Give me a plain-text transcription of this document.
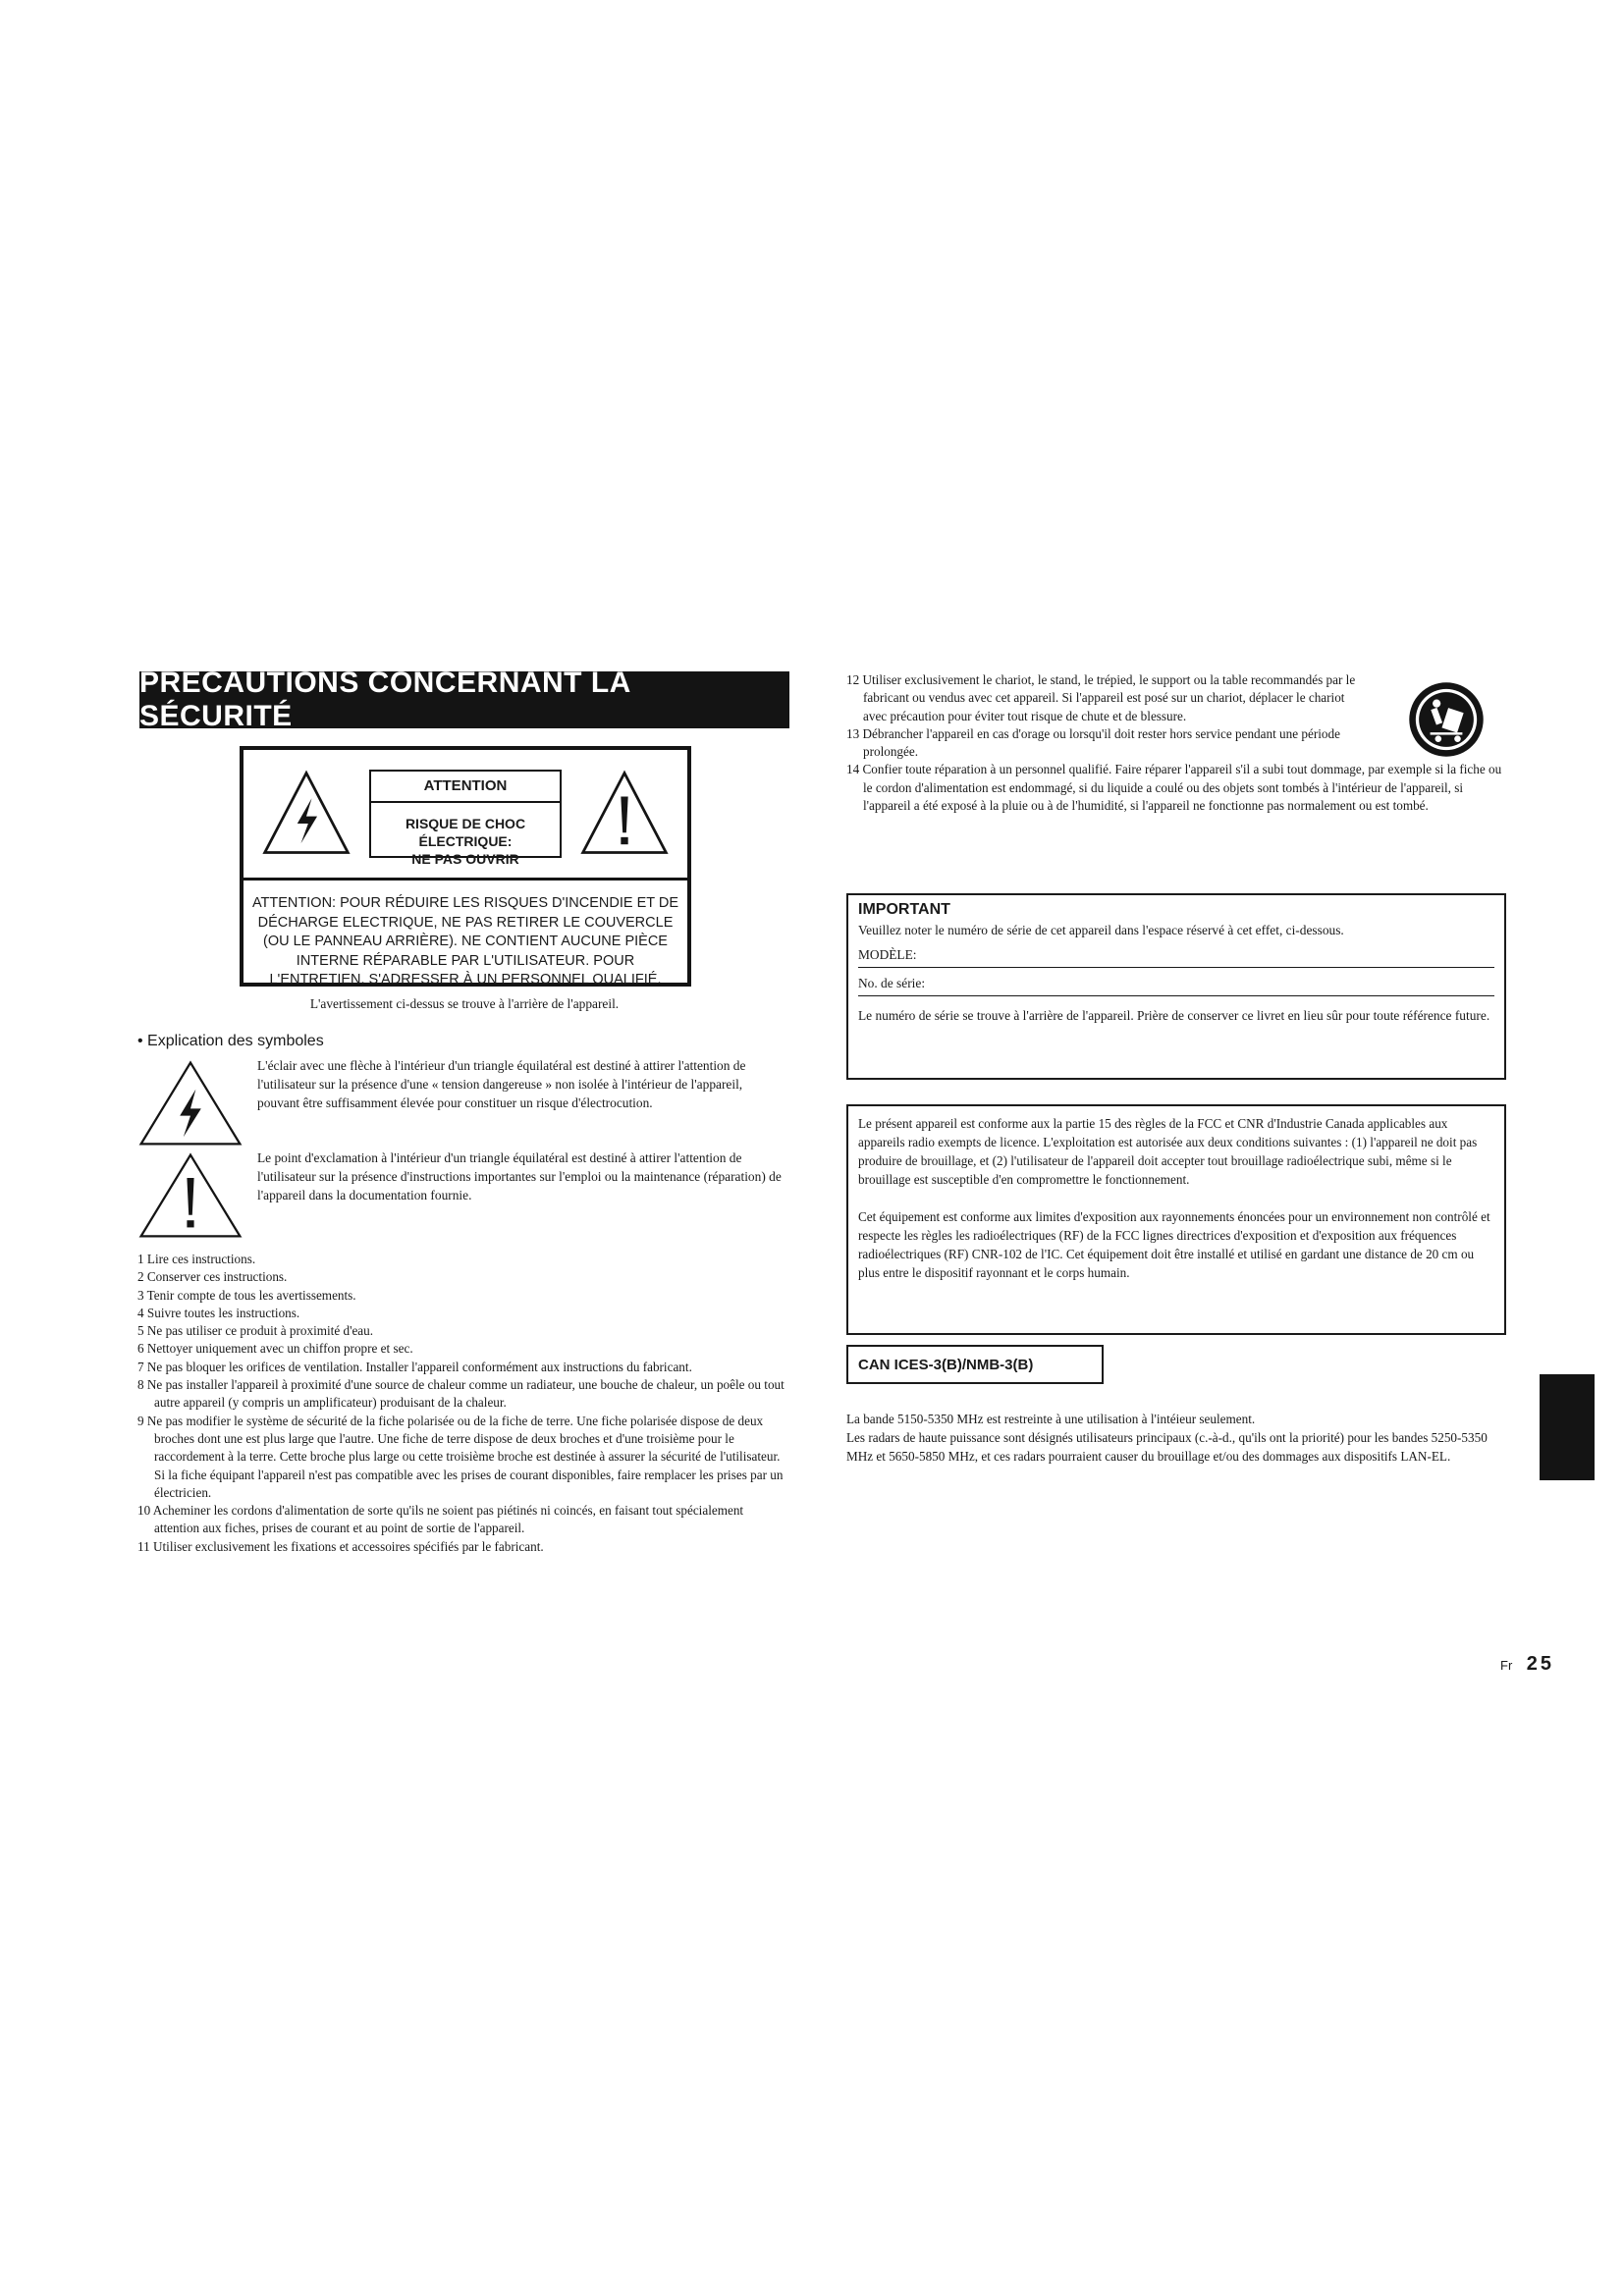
PRÉCAUTIONS CONCERNANT LA SÉCURITÉ
ATTENTION
RISQUE DE CHOC ÉLECTRIQUE:
NE PAS OUVRIR
ATTENTION: POUR RÉDUIRE LES RISQUES D'INCENDIE ET DE
DÉCHARGE ELECTRIQUE, NE PAS RETIRER LE COUVERCLE
(OU LE PANNEAU ARRIÈRE). NE CONTIENT AUCUNE PIÈCE
INTERNE RÉPARABLE PAR L'UTILISATEUR. POUR
L'ENTRETIEN, S'ADRESSER À UN PERSONNEL QUALIFIÉ.
L'avertissement ci-dessus se trouve à l'arrière de l'appareil.
• Explication des symboles
L'éclair avec une flèche à l'intérieur d'un triangle équilatéral est destiné à attirer l'attention de l'utilisateur sur la présence d'une « tension dangereuse » non isolée à l'intérieur de l'appareil, pouvant être suffisamment élevée pour constituer un risque d'électrocution.
Le point d'exclamation à l'intérieur d'un triangle équilatéral est destiné à attirer l'attention de l'utilisateur sur la présence d'instructions importantes sur l'emploi ou la maintenance (réparation) de l'appareil dans la documentation fournie.
1 Lire ces instructions.
2 Conserver ces instructions.
3 Tenir compte de tous les avertissements.
4 Suivre toutes les instructions.
5 Ne pas utiliser ce produit à proximité d'eau.
6 Nettoyer uniquement avec un chiffon propre et sec.
7 Ne pas bloquer les orifices de ventilation. Installer l'appareil conformément aux instructions du fabricant.
8 Ne pas installer l'appareil à proximité d'une source de chaleur comme un radiateur, une bouche de chaleur, un poêle ou tout autre appareil (y compris un amplificateur) produisant de la chaleur.
9 Ne pas modifier le système de sécurité de la fiche polarisée ou de la fiche de terre. Une fiche polarisée dispose de deux broches dont une est plus large que l'autre. Une fiche de terre dispose de deux broches et d'une troisième pour le raccordement à la terre. Cette broche plus large ou cette troisième broche est destinée à assurer la sécurité de l'utilisateur. Si la fiche équipant l'appareil n'est pas compatible avec les prises de courant disponibles, faire remplacer les prises par un électricien.
10 Acheminer les cordons d'alimentation de sorte qu'ils ne soient pas piétinés ni coincés, en faisant tout spécialement attention aux fiches, prises de courant et au point de sortie de l'appareil.
11 Utiliser exclusivement les fixations et accessoires spécifiés par le fabricant.
12 Utiliser exclusivement le chariot, le stand, le trépied, le support ou la table recommandés par le fabricant ou vendus avec cet appareil. Si l'appareil est posé sur un chariot, déplacer le chariot avec précaution pour éviter tout risque de chute et de blessure.
13 Débrancher l'appareil en cas d'orage ou lorsqu'il doit rester hors service pendant une période prolongée.
14 Confier toute réparation à un personnel qualifié. Faire réparer l'appareil s'il a subi tout dommage, par exemple si la fiche ou le cordon d'alimentation est endommagé, si du liquide a coulé ou des objets sont tombés à l'intérieur de l'appareil, si l'appareil a été exposé à la pluie ou à de l'humidité, si l'appareil ne fonctionne pas normalement ou est tombé.
IMPORTANT
Veuillez noter le numéro de série de cet appareil dans l'espace réservé à cet effet, ci-dessous.
MODÈLE:
No. de série:
Le numéro de série se trouve à l'arrière de l'appareil. Prière de conserver ce livret en lieu sûr pour toute référence future.
Le présent appareil est conforme aux la partie 15 des règles de la FCC et CNR d'Industrie Canada applicables aux appareils radio exempts de licence. L'exploitation est autorisée aux deux conditions suivantes : (1) l'appareil ne doit pas produire de brouillage, et (2) l'utilisateur de l'appareil doit accepter tout brouillage radioélectrique subi, même si le brouillage est susceptible d'en compromettre le fonctionnement.
Cet équipement est conforme aux limites d'exposition aux rayonnements énoncées pour un environnement non contrôlé et respecte les règles les radioélectriques (RF) de la FCC lignes directrices d'exposition et d'exposition aux fréquences radioélectriques (RF) CNR-102 de l'IC. Cet équipement doit être installé et utilisé en gardant une distance de 20 cm ou plus entre le dispositif rayonnant et le corps humain.
CAN ICES-3(B)/NMB-3(B)
La bande 5150-5350 MHz est restreinte à une utilisation à l'intéieur seulement.
Les radars de haute puissance sont désignés utilisateurs principaux (c.-à-d., qu'ils ont la priorité) pour les bandes 5250-5350 MHz et 5650-5850 MHz, et ces radars pourraient causer du brouillage et/ou des dommages aux dispositifs LAN-EL.
Fr 25
